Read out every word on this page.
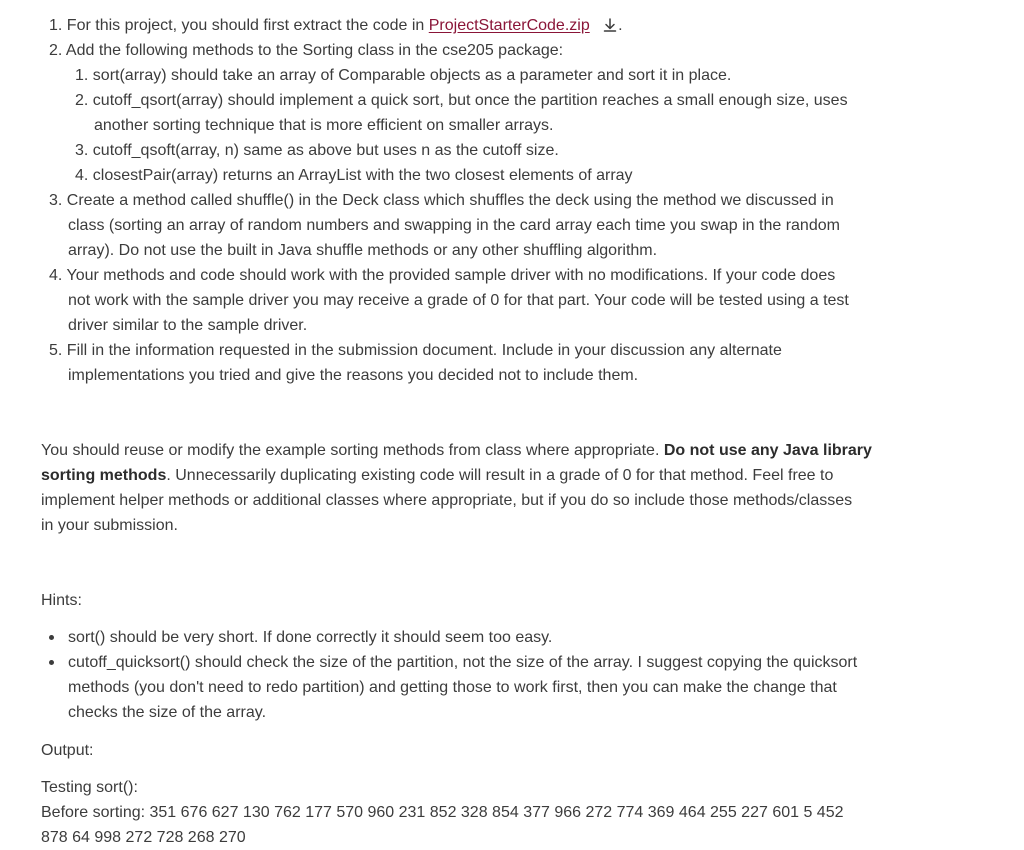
1. For this project, you should first extract the code in ProjectStarterCode.zip .
2. Add the following methods to the Sorting class in the cse205 package:
1. sort(array) should take an array of Comparable objects as a parameter and sort it in place.
2. cutoff_qsort(array) should implement a quick sort, but once the partition reaches a small enough size, uses
another sorting technique that is more efficient on smaller arrays.
3. cutoff_qsoft(array, n) same as above but uses n as the cutoff size.
4. closestPair(array) returns an ArrayList with the two closest elements of array
3. Create a method called shuffle() in the Deck class which shuffles the deck using the method we discussed in
class (sorting an array of random numbers and swapping in the card array each time you swap in the random
array). Do not use the built in Java shuffle methods or any other shuffling algorithm.
4. Your methods and code should work with the provided sample driver with no modifications. If your code does
not work with the sample driver you may receive a grade of 0 for that part. Your code will be tested using a test
driver similar to the sample driver.
5. Fill in the information requested in the submission document. Include in your discussion any alternate
implementations you tried and give the reasons you decided not to include them.
You should reuse or modify the example sorting methods from class where appropriate. Do not use any Java library
sorting methods. Unnecessarily duplicating existing code will result in a grade of 0 for that method. Feel free to
implement helper methods or additional classes where appropriate, but if you do so include those methods/classes
in your submission.
Hints:
sort() should be very short. If done correctly it should seem too easy.
cutoff_quicksort() should check the size of the partition, not the size of the array. I suggest copying the quicksort
methods (you don't need to redo partition) and getting those to work first, then you can make the change that
checks the size of the array.
Output:
Testing sort():
Before sorting: 351 676 627 130 762 177 570 960 231 852 328 854 377 966 272 774 369 464 255 227 601 5 452
878 64 998 272 728 268 270
